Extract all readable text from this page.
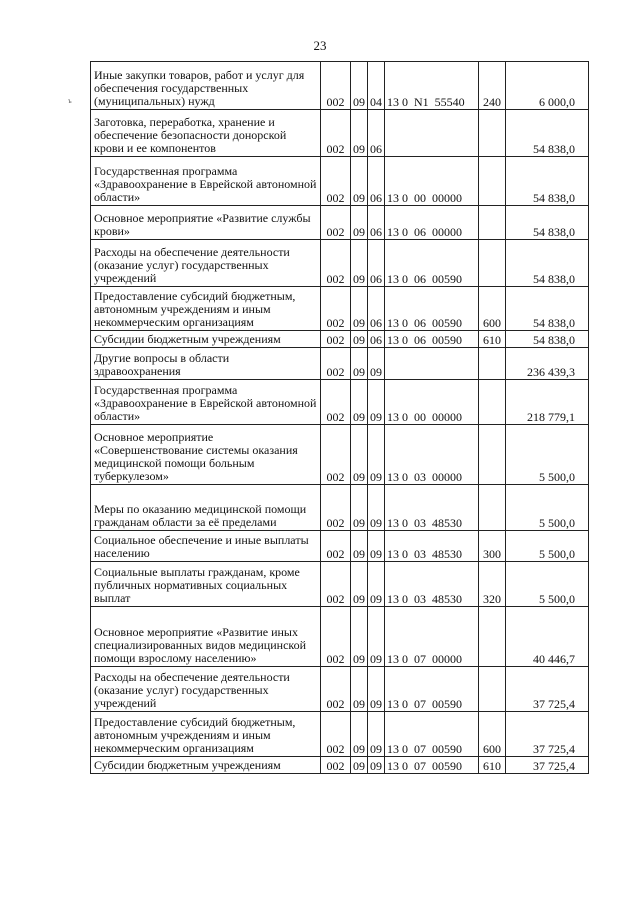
23
ъ
Иные закупки товаров, работ и услуг для обеспечения государственных (муниципальных) нужд	002	09	04	13 0  N1  55540	240	6 000,0
Заготовка, переработка, хранение и обеспечение безопасности донорской крови и ее компонентов	002	09	06			54 838,0
Государственная программа «Здравоохранение в Еврейской автономной области»	002	09	06	13 0  00  00000		54 838,0
Основное мероприятие «Развитие службы крови»	002	09	06	13 0  06  00000		54 838,0
Расходы на обеспечение деятельности (оказание услуг) государственных учреждений	002	09	06	13 0  06  00590		54 838,0
Предоставление субсидий бюджетным, автономным учреждениям и иным некоммерческим организациям	002	09	06	13 0  06  00590	600	54 838,0
Субсидии бюджетным учреждениям	002	09	06	13 0  06  00590	610	54 838,0
Другие вопросы в области здравоохранения	002	09	09			236 439,3
Государственная программа «Здравоохранение в Еврейской автономной области»	002	09	09	13 0  00  00000		218 779,1
Основное мероприятие «Совершенствование системы оказания медицинской помощи больным туберкулезом»	002	09	09	13 0  03  00000		5 500,0
Меры по оказанию медицинской помощи гражданам области за её пределами	002	09	09	13 0  03  48530		5 500,0
Социальное обеспечение и иные выплаты населению	002	09	09	13 0  03  48530	300	5 500,0
Социальные выплаты гражданам, кроме публичных нормативных социальных выплат	002	09	09	13 0  03  48530	320	5 500,0
Основное мероприятие «Развитие иных специализированных видов медицинской помощи взрослому населению»	002	09	09	13 0  07  00000		40 446,7
Расходы на обеспечение деятельности (оказание услуг) государственных учреждений	002	09	09	13 0  07  00590		37 725,4
Предоставление субсидий бюджетным, автономным учреждениям и иным некоммерческим организациям	002	09	09	13 0  07  00590	600	37 725,4
Субсидии бюджетным учреждениям	002	09	09	13 0  07  00590	610	37 725,4
